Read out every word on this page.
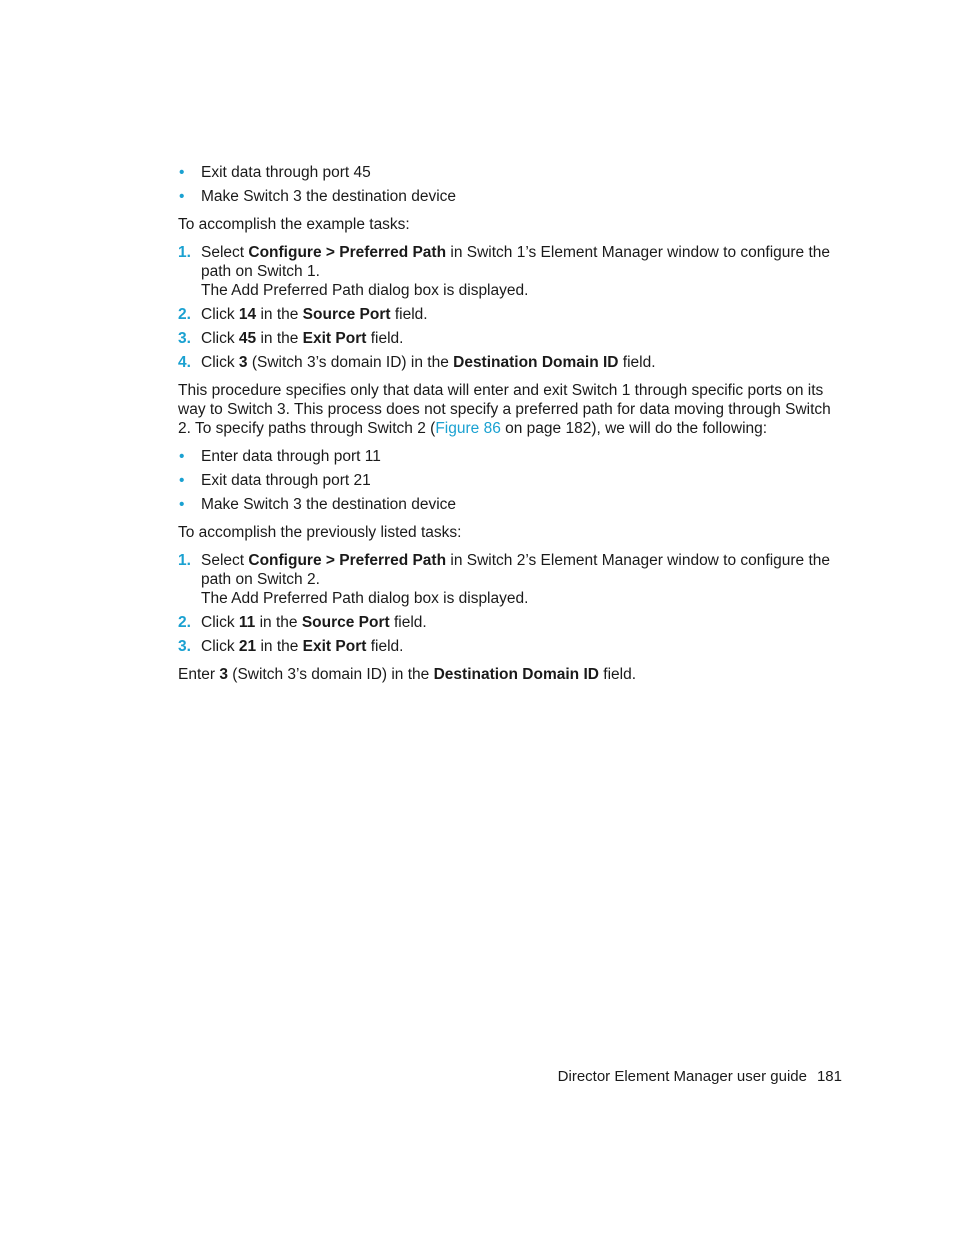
• Exit data through port 45
• Make Switch 3 the destination device

To accomplish the example tasks:

1. Select Configure > Preferred Path in Switch 1’s Element Manager window to configure the path on Switch 1.
The Add Preferred Path dialog box is displayed.
2. Click 14 in the Source Port field.
3. Click 45 in the Exit Port field.
4. Click 3 (Switch 3’s domain ID) in the Destination Domain ID field.

This procedure specifies only that data will enter and exit Switch 1 through specific ports on its way to Switch 3. This process does not specify a preferred path for data moving through Switch 2. To specify paths through Switch 2 (Figure 86 on page 182), we will do the following:

• Enter data through port 11
• Exit data through port 21
• Make Switch 3 the destination device

To accomplish the previously listed tasks:

1. Select Configure > Preferred Path in Switch 2’s Element Manager window to configure the path on Switch 2.
The Add Preferred Path dialog box is displayed.
2. Click 11 in the Source Port field.
3. Click 21 in the Exit Port field.

Enter 3 (Switch 3’s domain ID) in the Destination Domain ID field.

Director Element Manager user guide 181
